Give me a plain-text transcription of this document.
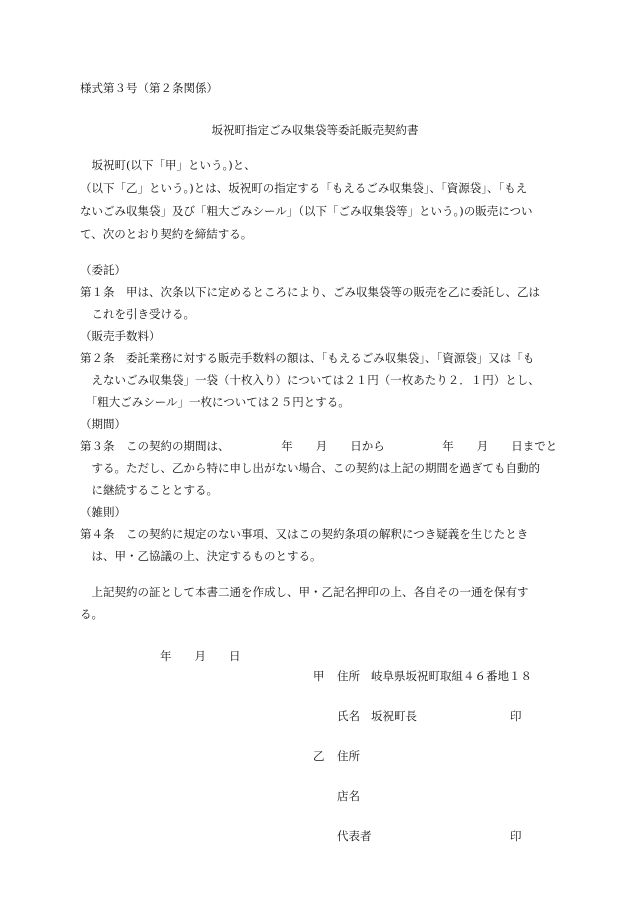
様式第３号（第２条関係）
坂祝町指定ごみ収集袋等委託販売契約書
　坂祝町(以下「甲」という。)と、
（以下「乙」という。)とは、坂祝町の指定する「もえるごみ収集袋」、「資源袋」、「もえ
ないごみ収集袋」及び「粗大ごみシール」（以下「ごみ収集袋等」という。)の販売につい
て、次のとおり契約を締結する。
（委託）
第１条　甲は、次条以下に定めるところにより、ごみ収集袋等の販売を乙に委託し、乙は
　これを引き受ける。
（販売手数料）
第２条　委託業務に対する販売手数料の額は、「もえるごみ収集袋」、「資源袋」又は「も
　えないごみ収集袋」一袋（十枚入り）については２１円（一枚あたり２．１円）とし、
　「粗大ごみシール」一枚については２５円とする。
（期間）
第３条　この契約の期間は、　　　　　年　　月　　日から　　　　　年　　月　　日までと
　する。ただし、乙から特に申し出がない場合、この契約は上記の期間を過ぎても自動的
　に継続することとする。
（雑則）
第４条　この契約に規定のない事項、又はこの契約条項の解釈につき疑義を生じたとき
　は、甲・乙協議の上、決定するものとする。
　上記契約の証として本書二通を作成し、甲・乙記名押印の上、各自その一通を保有す
る。
年　　月　　日
甲 住所 岐阜県坂祝町取組４６番地１８
氏名 坂祝町長	印
乙 住所
店名
代表者	印
